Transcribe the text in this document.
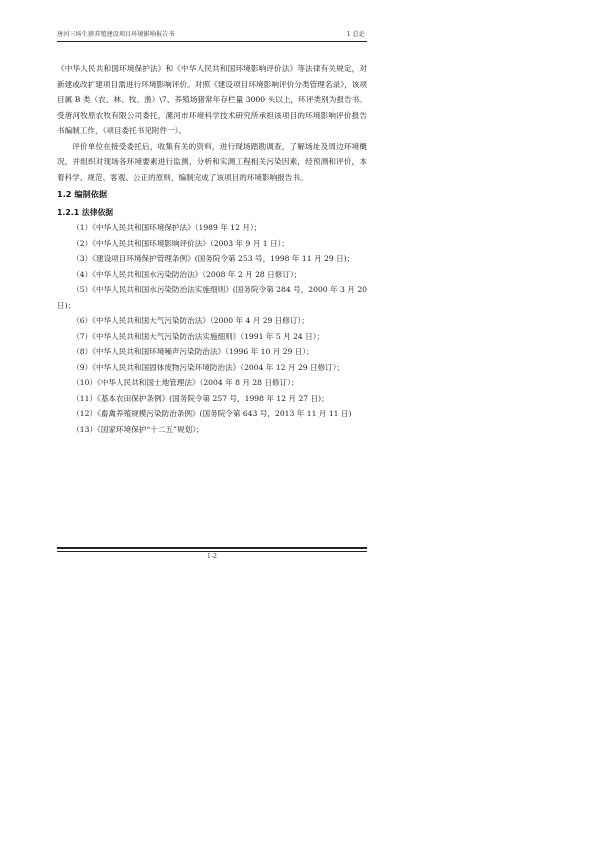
唐河三场生猪养殖建设项目环境影响报告书	1 总论

《中华人民共和国环境保护法》和《中华人民共和国环境影响评价法》等法律有关规定，对新建或改扩建项目需进行环境影响评价。对照《建设项目环境影响评价分类管理名录》，该项目属 B 类（农、林、牧、渔）\7、养殖场猪常年存栏量 3000 头以上，环评类别为报告书。受唐河牧原农牧有限公司委托，漯河市环境科学技术研究所承担该项目的环境影响评价报告书编制工作，（项目委托书见附件一）。

评价单位在接受委托后，收集有关的资料，进行现场踏勘调查，了解场址及周边环境概况，并组织对现场各环境要素进行监测，分析和实测工程相关污染因素，经预测和评价，本着科学、规范、客观、公正的原则，编制完成了该项目的环境影响报告书。

1.2 编制依据

1.2.1 法律依据

（1）《中华人民共和国环境保护法》（1989 年 12 月）；

（2）《中华人民共和国环境影响评价法》（2003 年 9 月 1 日）；

（3）《建设项目环境保护管理条例》(国务院令第 253 号，1998 年 11 月 29 日)；

（4）《中华人民共和国水污染防治法》（2008 年 2 月 28 日修订）；

（5）《中华人民共和国水污染防治法实施细则》(国务院令第 284 号，2000 年 3 月 20 日)；

（6）《中华人民共和国大气污染防治法》（2000 年 4 月 29 日修订）；

（7）《中华人民共和国大气污染防治法实施细则》（1991 年 5 月 24 日）；

（8）《中华人民共和国环境噪声污染防治法》（1996 年 10 月 29 日）；

（9）《中华人民共和国固体废物污染环境防治法》（2004 年 12 月 29 日修订）；

（10）《中华人民共和国土地管理法》（2004 年 8 月 28 日修订）；

（11）《基本农田保护条例》(国务院令第 257 号，1998 年 12 月 27 日)；

（12）《畜禽养殖规模污染防治条例》(国务院令第 643 号，2013 年 11 月 11 日)

（13）《国家环境保护“十二五”规划》；

1-2
